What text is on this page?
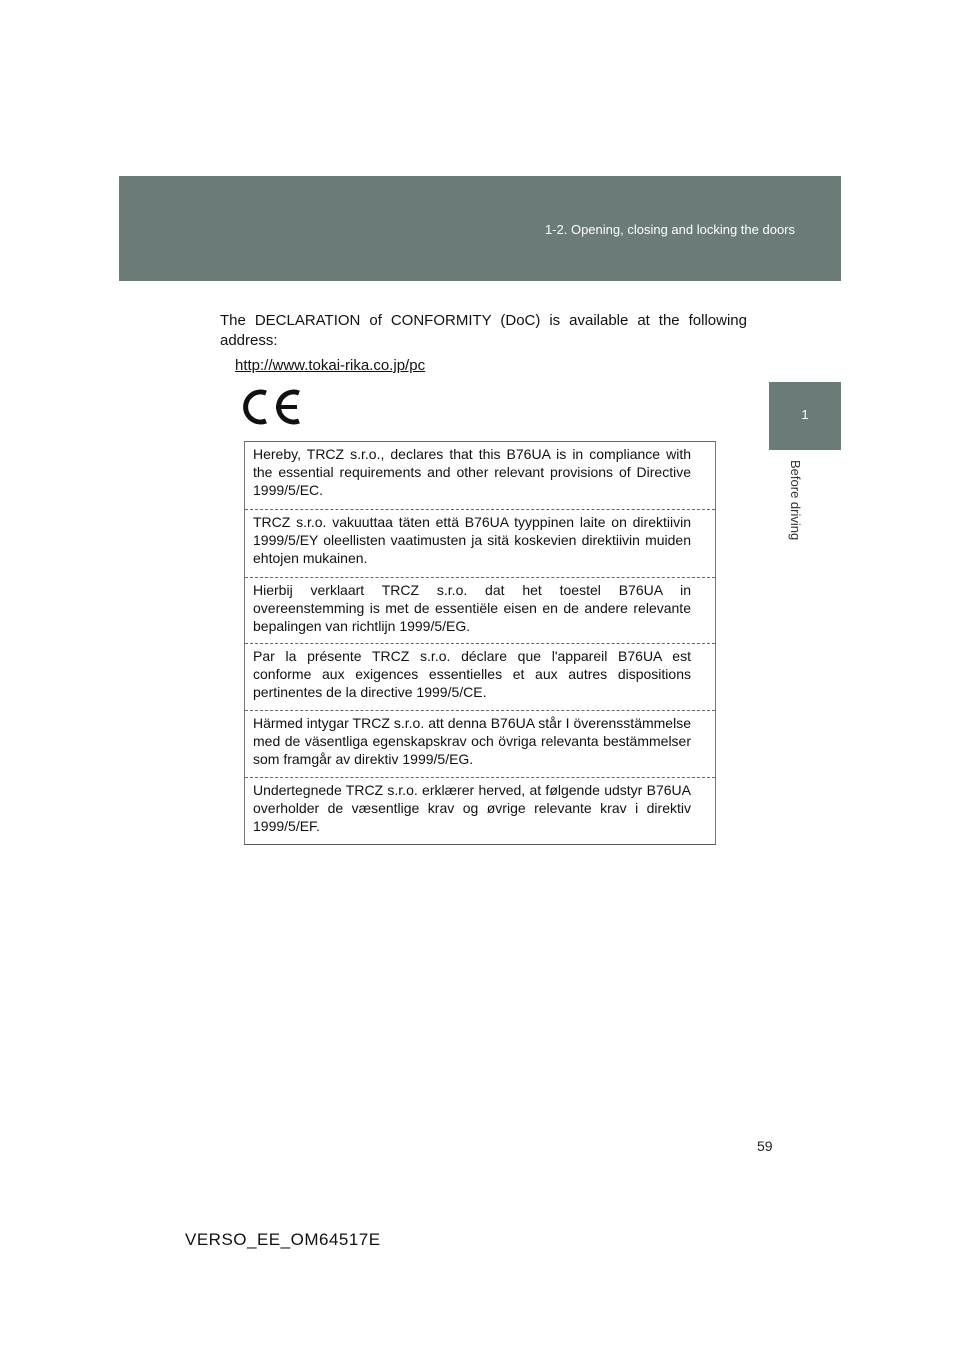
1-2. Opening, closing and locking the doors
1
Before driving
The DECLARATION of CONFORMITY (DoC) is available at the following address:
http://www.tokai-rika.co.jp/pc
Hereby, TRCZ s.r.o., declares that this B76UA is in compliance with the essential requirements and other relevant provisions of Directive 1999/5/EC.
TRCZ s.r.o. vakuuttaa täten että B76UA tyyppinen laite on direktiivin 1999/5/EY oleellisten vaatimusten ja sitä koskevien direktiivin muiden ehtojen mukainen.
Hierbij verklaart TRCZ s.r.o. dat het toestel B76UA in overeenstemming is met de essentiële eisen en de andere relevante bepalingen van richtlijn 1999/5/EG.
Par la présente TRCZ s.r.o. déclare que l'appareil B76UA est conforme aux exigences essentielles et aux autres dispositions pertinentes de la directive 1999/5/CE.
Härmed intygar TRCZ s.r.o. att denna B76UA står I överensstämmelse med de väsentliga egenskapskrav och övriga relevanta bestämmelser som framgår av direktiv 1999/5/EG.
Undertegnede TRCZ s.r.o. erklærer herved, at følgende udstyr B76UA overholder de væsentlige krav og øvrige relevante krav i direktiv 1999/5/EF.
59
VERSO_EE_OM64517E
